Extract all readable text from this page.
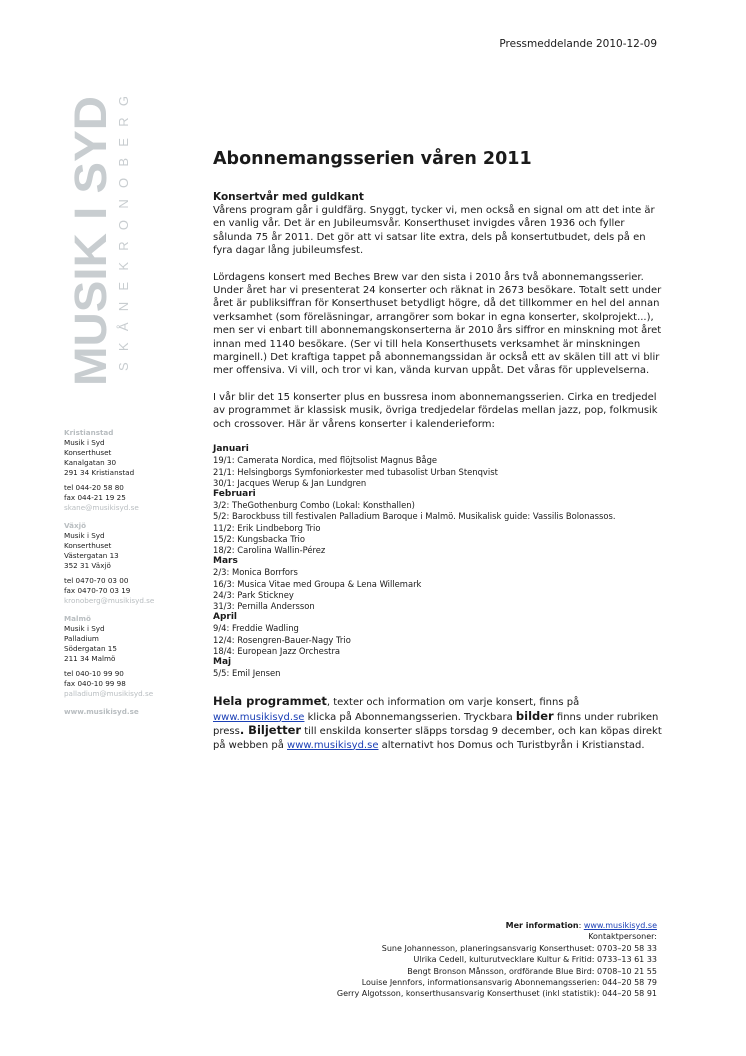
Pressmeddelande 2010-12-09
MUSIK I SYD SKÅNEKRONOBERG
Kristianstad
Musik i Syd
Konserthuset
Kanalgatan 30
291 34 Kristianstad
tel 044-20 58 80
fax 044-21 19 25
skane@musikisyd.se
Växjö
Musik i Syd
Konserthuset
Västergatan 13
352 31 Växjö
tel 0470-70 03 00
fax 0470-70 03 19
kronoberg@musikisyd.se
Malmö
Musik i Syd
Palladium
Södergatan 15
211 34 Malmö
tel 040-10 99 90
fax 040-10 99 98
palladium@musikisyd.se
www.musikisyd.se
Abonnemangsserien våren 2011
Konsertvår med guldkant

Vårens program går i guldfärg. Snyggt, tycker vi, men också en signal om att det inte är en vanlig vår. Det är en Jubileumsvår. Konserthuset invigdes våren 1936 och fyller sålunda 75 år 2011. Det gör att vi satsar lite extra, dels på konsertutbudet, dels på en fyra dagar lång jubileumsfest.

Lördagens konsert med Beches Brew var den sista i 2010 års två abonnemangsserier. Under året har vi presenterat 24 konserter och räknat in 2673 besökare. Totalt sett under året är publiksiffran för Konserthuset betydligt högre, då det tillkommer en hel del annan verksamhet (som föreläsningar, arrangörer som bokar in egna konserter, skolprojekt...), men ser vi enbart till abonnemangskonserterna är 2010 års siffror en minskning mot året innan med 1140 besökare. (Ser vi till hela Konserthusets verksamhet är minskningen marginell.) Det kraftiga tappet på abonnemangssidan är också ett av skälen till att vi blir mer offensiva. Vi vill, och tror vi kan, vända kurvan uppåt. Det våras för upplevelserna.

I vår blir det 15 konserter plus en bussresa inom abonnemangsserien. Cirka en tredjedel av programmet är klassisk musik, övriga tredjedelar fördelas mellan jazz, pop, folkmusik och crossover. Här är vårens konserter i kalenderieform:

Januari
19/1: Camerata Nordica, med flöjtsolist Magnus Båge
21/1: Helsingborgs Symfoniorkester med tubasolist Urban Stenqvist
30/1: Jacques Werup & Jan Lundgren
Februari
3/2: TheGothenburg Combo (Lokal: Konsthallen)
5/2: Barockbuss till festivalen Palladium Baroque i Malmö. Musikalisk guide: Vassilis Bolonassos.
11/2: Erik Lindbeborg Trio
15/2: Kungsbacka Trio
18/2: Carolina Wallin-Pérez
Mars
2/3: Monica Borrfors
16/3: Musica Vitae med Groupa & Lena Willemark
24/3: Park Stickney
31/3: Pernilla Andersson
April
9/4: Freddie Wadling
12/4: Rosengren-Bauer-Nagy Trio
18/4: European Jazz Orchestra
Maj
5/5: Emil Jensen
Hela programmet, texter och information om varje konsert, finns på
www.musikisyd.se klicka på Abonnemangsserien. Tryckbara bilder finns under rubriken press. Biljetter till enskilda konserter släpps torsdag 9 december, och kan köpas direkt på webben på www.musikisyd.se alternativt hos Domus och Turistbyrån i Kristianstad.
Mer information: www.musikisyd.se
Kontaktpersoner:
Sune Johannesson, planeringsansvarig Konserthuset: 0703–20 58 33
Ulrika Cedell, kulturutvecklare Kultur & Fritid: 0733–13 61 33
Bengt Bronson Månsson, ordförande Blue Bird: 0708–10 21 55
Louise Jennfors, informationsansvarig Abonnemangsserien: 044–20 58 79
Gerry Algotsson, konserthusansvarig Konserthuset (inkl statistik): 044–20 58 91
